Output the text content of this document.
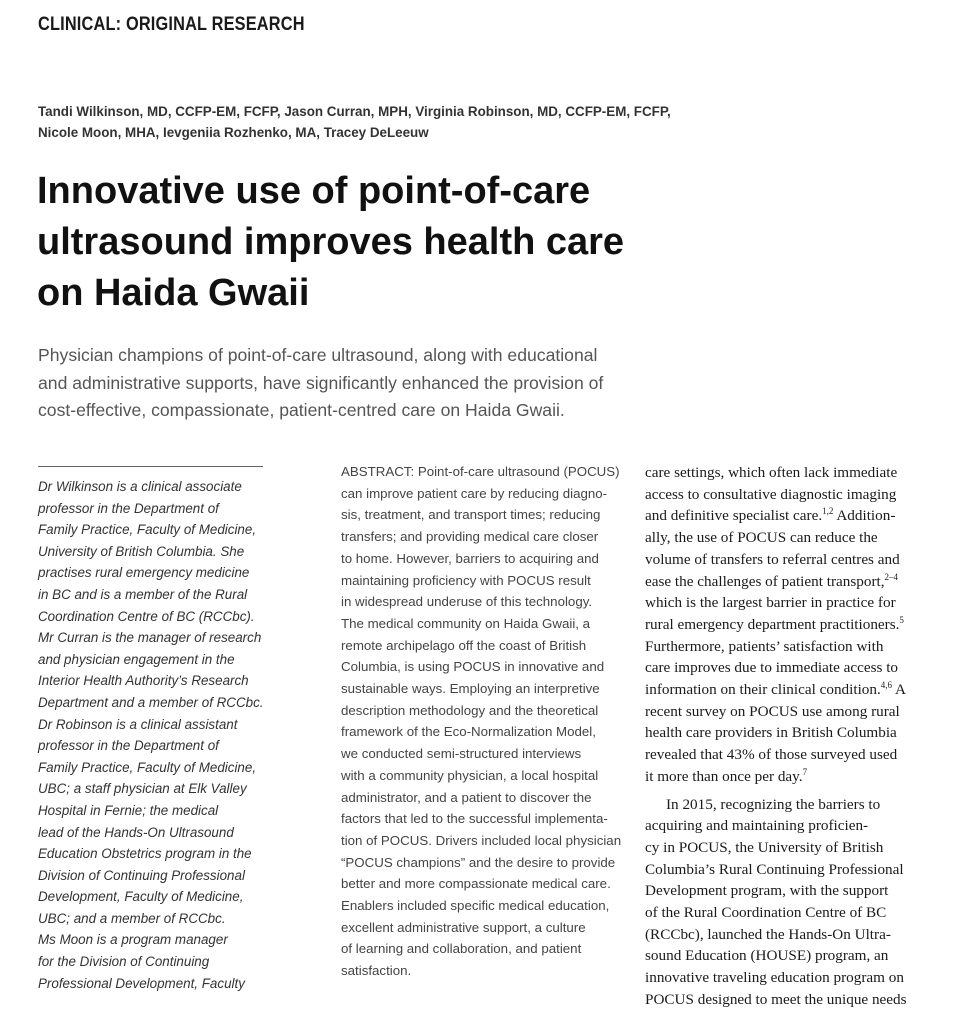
CLINICAL: ORIGINAL RESEARCH
Tandi Wilkinson, MD, CCFP-EM, FCFP, Jason Curran, MPH, Virginia Robinson, MD, CCFP-EM, FCFP,
Nicole Moon, MHA, Ievgeniia Rozhenko, MA, Tracey DeLeeuw
Innovative use of point-of-care
ultrasound improves health care
on Haida Gwaii
Physician champions of point-of-care ultrasound, along with educational
and administrative supports, have significantly enhanced the provision of
cost-effective, compassionate, patient-centred care on Haida Gwaii.
Dr Wilkinson is a clinical associate
professor in the Department of
Family Practice, Faculty of Medicine,
University of British Columbia. She
practises rural emergency medicine
in BC and is a member of the Rural
Coordination Centre of BC (RCCbc).
Mr Curran is the manager of research
and physician engagement in the
Interior Health Authority’s Research
Department and a member of RCCbc.
Dr Robinson is a clinical assistant
professor in the Department of
Family Practice, Faculty of Medicine,
UBC; a staff physician at Elk Valley
Hospital in Fernie; the medical
lead of the Hands-On Ultrasound
Education Obstetrics program in the
Division of Continuing Professional
Development, Faculty of Medicine,
UBC; and a member of RCCbc.
Ms Moon is a program manager
for the Division of Continuing
Professional Development, Faculty
ABSTRACT: Point-of-care ultrasound (POCUS)
can improve patient care by reducing diagno-
sis, treatment, and transport times; reducing
transfers; and providing medical care closer
to home. However, barriers to acquiring and
maintaining proficiency with POCUS result
in widespread underuse of this technology.
The medical community on Haida Gwaii, a
remote archipelago off the coast of British
Columbia, is using POCUS in innovative and
sustainable ways. Employing an interpretive
description methodology and the theoretical
framework of the Eco-Normalization Model,
we conducted semi-structured interviews
with a community physician, a local hospital
administrator, and a patient to discover the
factors that led to the successful implementa-
tion of POCUS. Drivers included local physician
“POCUS champions” and the desire to provide
better and more compassionate medical care.
Enablers included specific medical education,
excellent administrative support, a culture
of learning and collaboration, and patient
satisfaction.
care settings, which often lack immediate
access to consultative diagnostic imaging
and definitive specialist care.$^{1,2}$ Addition-
ally, the use of POCUS can reduce the
volume of transfers to referral centres and
ease the challenges of patient transport,$^{2-4}$
which is the largest barrier in practice for
rural emergency department practitioners.$^5$
Furthermore, patients’ satisfaction with
care improves due to immediate access to
information on their clinical condition.$^{4,6}$ A
recent survey on POCUS use among rural
health care providers in British Columbia
revealed that 43% of those surveyed used
it more than once per day.$^7$
In 2015, recognizing the barriers to
acquiring and maintaining proficien-
cy in POCUS, the University of British
Columbia’s Rural Continuing Professional
Development program, with the support
of the Rural Coordination Centre of BC
(RCCbc), launched the Hands-On Ultra-
sound Education (HOUSE) program, an
innovative traveling education program on
POCUS designed to meet the unique needs
